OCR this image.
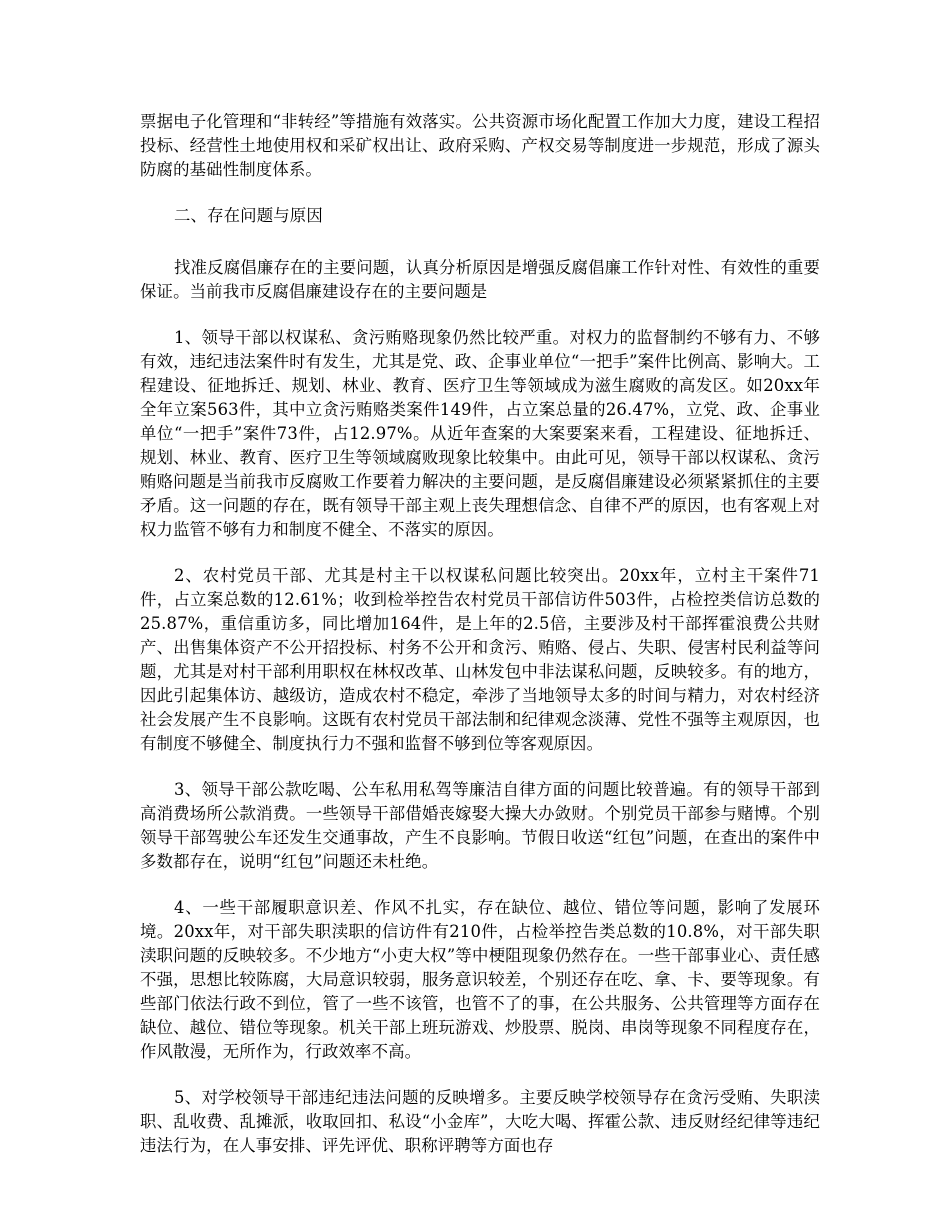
票据电子化管理和“非转经”等措施有效落实。公共资源市场化配置工作加大力度，建设工程招投标、经营性土地使用权和采矿权出让、政府采购、产权交易等制度进一步规范，形成了源头防腐的基础性制度体系。

二、存在问题与原因

找准反腐倡廉存在的主要问题，认真分析原因是增强反腐倡廉工作针对性、有效性的重要保证。当前我市反腐倡廉建设存在的主要问题是

1、领导干部以权谋私、贪污贿赂现象仍然比较严重。对权力的监督制约不够有力、不够有效，违纪违法案件时有发生，尤其是党、政、企事业单位“一把手”案件比例高、影响大。工程建设、征地拆迁、规划、林业、教育、医疗卫生等领域成为滋生腐败的高发区。如20xx年全年立案563件，其中立贪污贿赂类案件149件，占立案总量的26.47%，立党、政、企事业单位“一把手”案件73件，占12.97%。从近年查案的大案要案来看，工程建设、征地拆迁、规划、林业、教育、医疗卫生等领域腐败现象比较集中。由此可见，领导干部以权谋私、贪污贿赂问题是当前我市反腐败工作要着力解决的主要问题，是反腐倡廉建设必须紧紧抓住的主要矛盾。这一问题的存在，既有领导干部主观上丧失理想信念、自律不严的原因，也有客观上对权力监管不够有力和制度不健全、不落实的原因。

2、农村党员干部、尤其是村主干以权谋私问题比较突出。20xx年，立村主干案件71件，占立案总数的12.61%；收到检举控告农村党员干部信访件503件，占检控类信访总数的25.87%，重信重访多，同比增加164件，是上年的2.5倍，主要涉及村干部挥霍浪费公共财产、出售集体资产不公开招投标、村务不公开和贪污、贿赂、侵占、失职、侵害村民利益等问题，尤其是对村干部利用职权在林权改革、山林发包中非法谋私问题，反映较多。有的地方，因此引起集体访、越级访，造成农村不稳定，牵涉了当地领导太多的时间与精力，对农村经济社会发展产生不良影响。这既有农村党员干部法制和纪律观念淡薄、党性不强等主观原因，也有制度不够健全、制度执行力不强和监督不够到位等客观原因。

3、领导干部公款吃喝、公车私用私驾等廉洁自律方面的问题比较普遍。有的领导干部到高消费场所公款消费。一些领导干部借婚丧嫁娶大操大办敛财。个别党员干部参与赌博。个别领导干部驾驶公车还发生交通事故，产生不良影响。节假日收送“红包”问题，在查出的案件中多数都存在，说明“红包”问题还未杜绝。

4、一些干部履职意识差、作风不扎实，存在缺位、越位、错位等问题，影响了发展环境。20xx年，对干部失职渎职的信访件有210件，占检举控告类总数的10.8%，对干部失职渎职问题的反映较多。不少地方“小吏大权”等中梗阻现象仍然存在。一些干部事业心、责任感不强，思想比较陈腐，大局意识较弱，服务意识较差，个别还存在吃、拿、卡、要等现象。有些部门依法行政不到位，管了一些不该管，也管不了的事，在公共服务、公共管理等方面存在缺位、越位、错位等现象。机关干部上班玩游戏、炒股票、脱岗、串岗等现象不同程度存在，作风散漫，无所作为，行政效率不高。

5、对学校领导干部违纪违法问题的反映增多。主要反映学校领导存在贪污受贿、失职渎职、乱收费、乱摊派，收取回扣、私设“小金库”，大吃大喝、挥霍公款、违反财经纪律等违纪违法行为，在人事安排、评先评优、职称评聘等方面也存
